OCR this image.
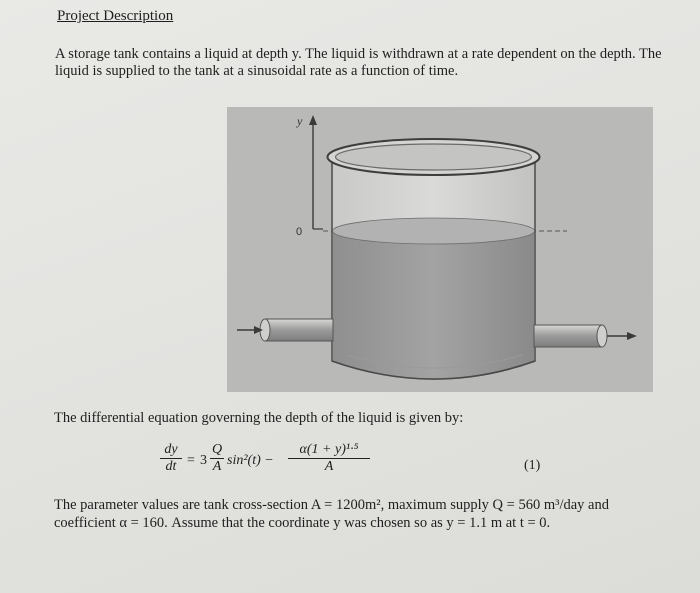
Project Description
A storage tank contains a liquid at depth y. The liquid is withdrawn at a rate dependent on the depth. The liquid is supplied to the tank at a sinusoidal rate as a function of time.
y
0
The differential equation governing the depth of the liquid is given by:
$\frac{dy}{dt} = 3 \frac{Q}{A} \sin^2(t) - \frac{\text{α(1 + y)¹·⁵}}{A}$	(1)
The parameter values are tank cross-section A = 1200m², maximum supply Q = 560 m³/day and coefficient α = 160. Assume that the coordinate y was chosen so as y = 1.1 m at t = 0.
